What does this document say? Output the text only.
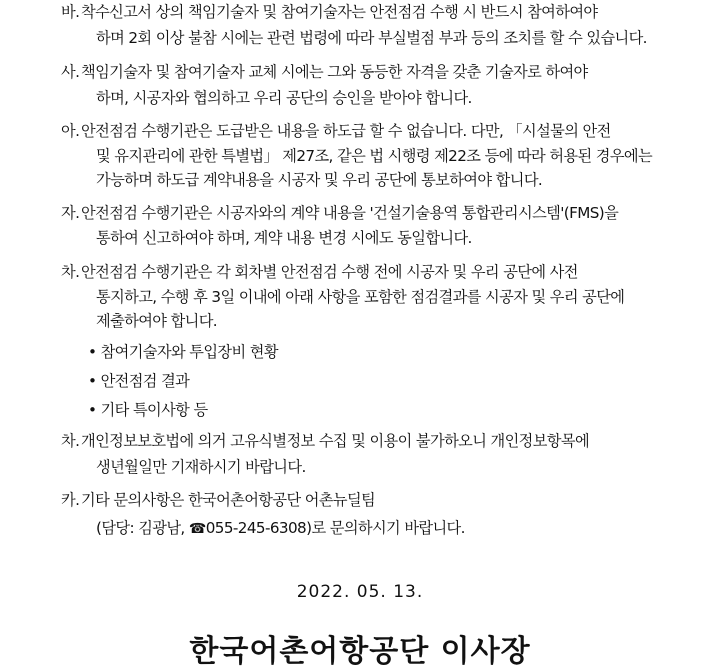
바. 착수신고서 상의 책임기술자 및 참여기술자는 안전점검 수행 시 반드시 참여하여야
하며 2회 이상 불참 시에는 관련 법령에 따라 부실벌점 부과 등의 조치를 할 수 있습니다.
사. 책임기술자 및 참여기술자 교체 시에는 그와 동등한 자격을 갖춘 기술자로 하여야
하며, 시공자와 협의하고 우리 공단의 승인을 받아야 합니다.
아. 안전점검 수행기관은 도급받은 내용을 하도급 할 수 없습니다. 다만, 「시설물의 안전
및 유지관리에 관한 특별법」 제27조, 같은 법 시행령 제22조 등에 따라 허용된 경우에는
가능하며 하도급 계약내용을 시공자 및 우리 공단에 통보하여야 합니다.
자. 안전점검 수행기관은 시공자와의 계약 내용을 '건설기술용역 통합관리시스템'(FMS)을
통하여 신고하여야 하며, 계약 내용 변경 시에도 동일합니다.
차. 안전점검 수행기관은 각 회차별 안전점검 수행 전에 시공자 및 우리 공단에 사전
통지하고, 수행 후 3일 이내에 아래 사항을 포함한 점검결과를 시공자 및 우리 공단에
제출하여야 합니다.
• 참여기술자와 투입장비 현황
• 안전점검 결과
• 기타 특이사항 등
차. 개인정보보호법에 의거 고유식별정보 수집 및 이용이 불가하오니 개인정보항목에
생년월일만 기재하시기 바랍니다.
카. 기타 문의사항은 한국어촌어항공단 어촌뉴딜팀
(담당: 김광남, ☎055-245-6308)로 문의하시기 바랍니다.
2022. 05. 13.
한국어촌어항공단 이사장
